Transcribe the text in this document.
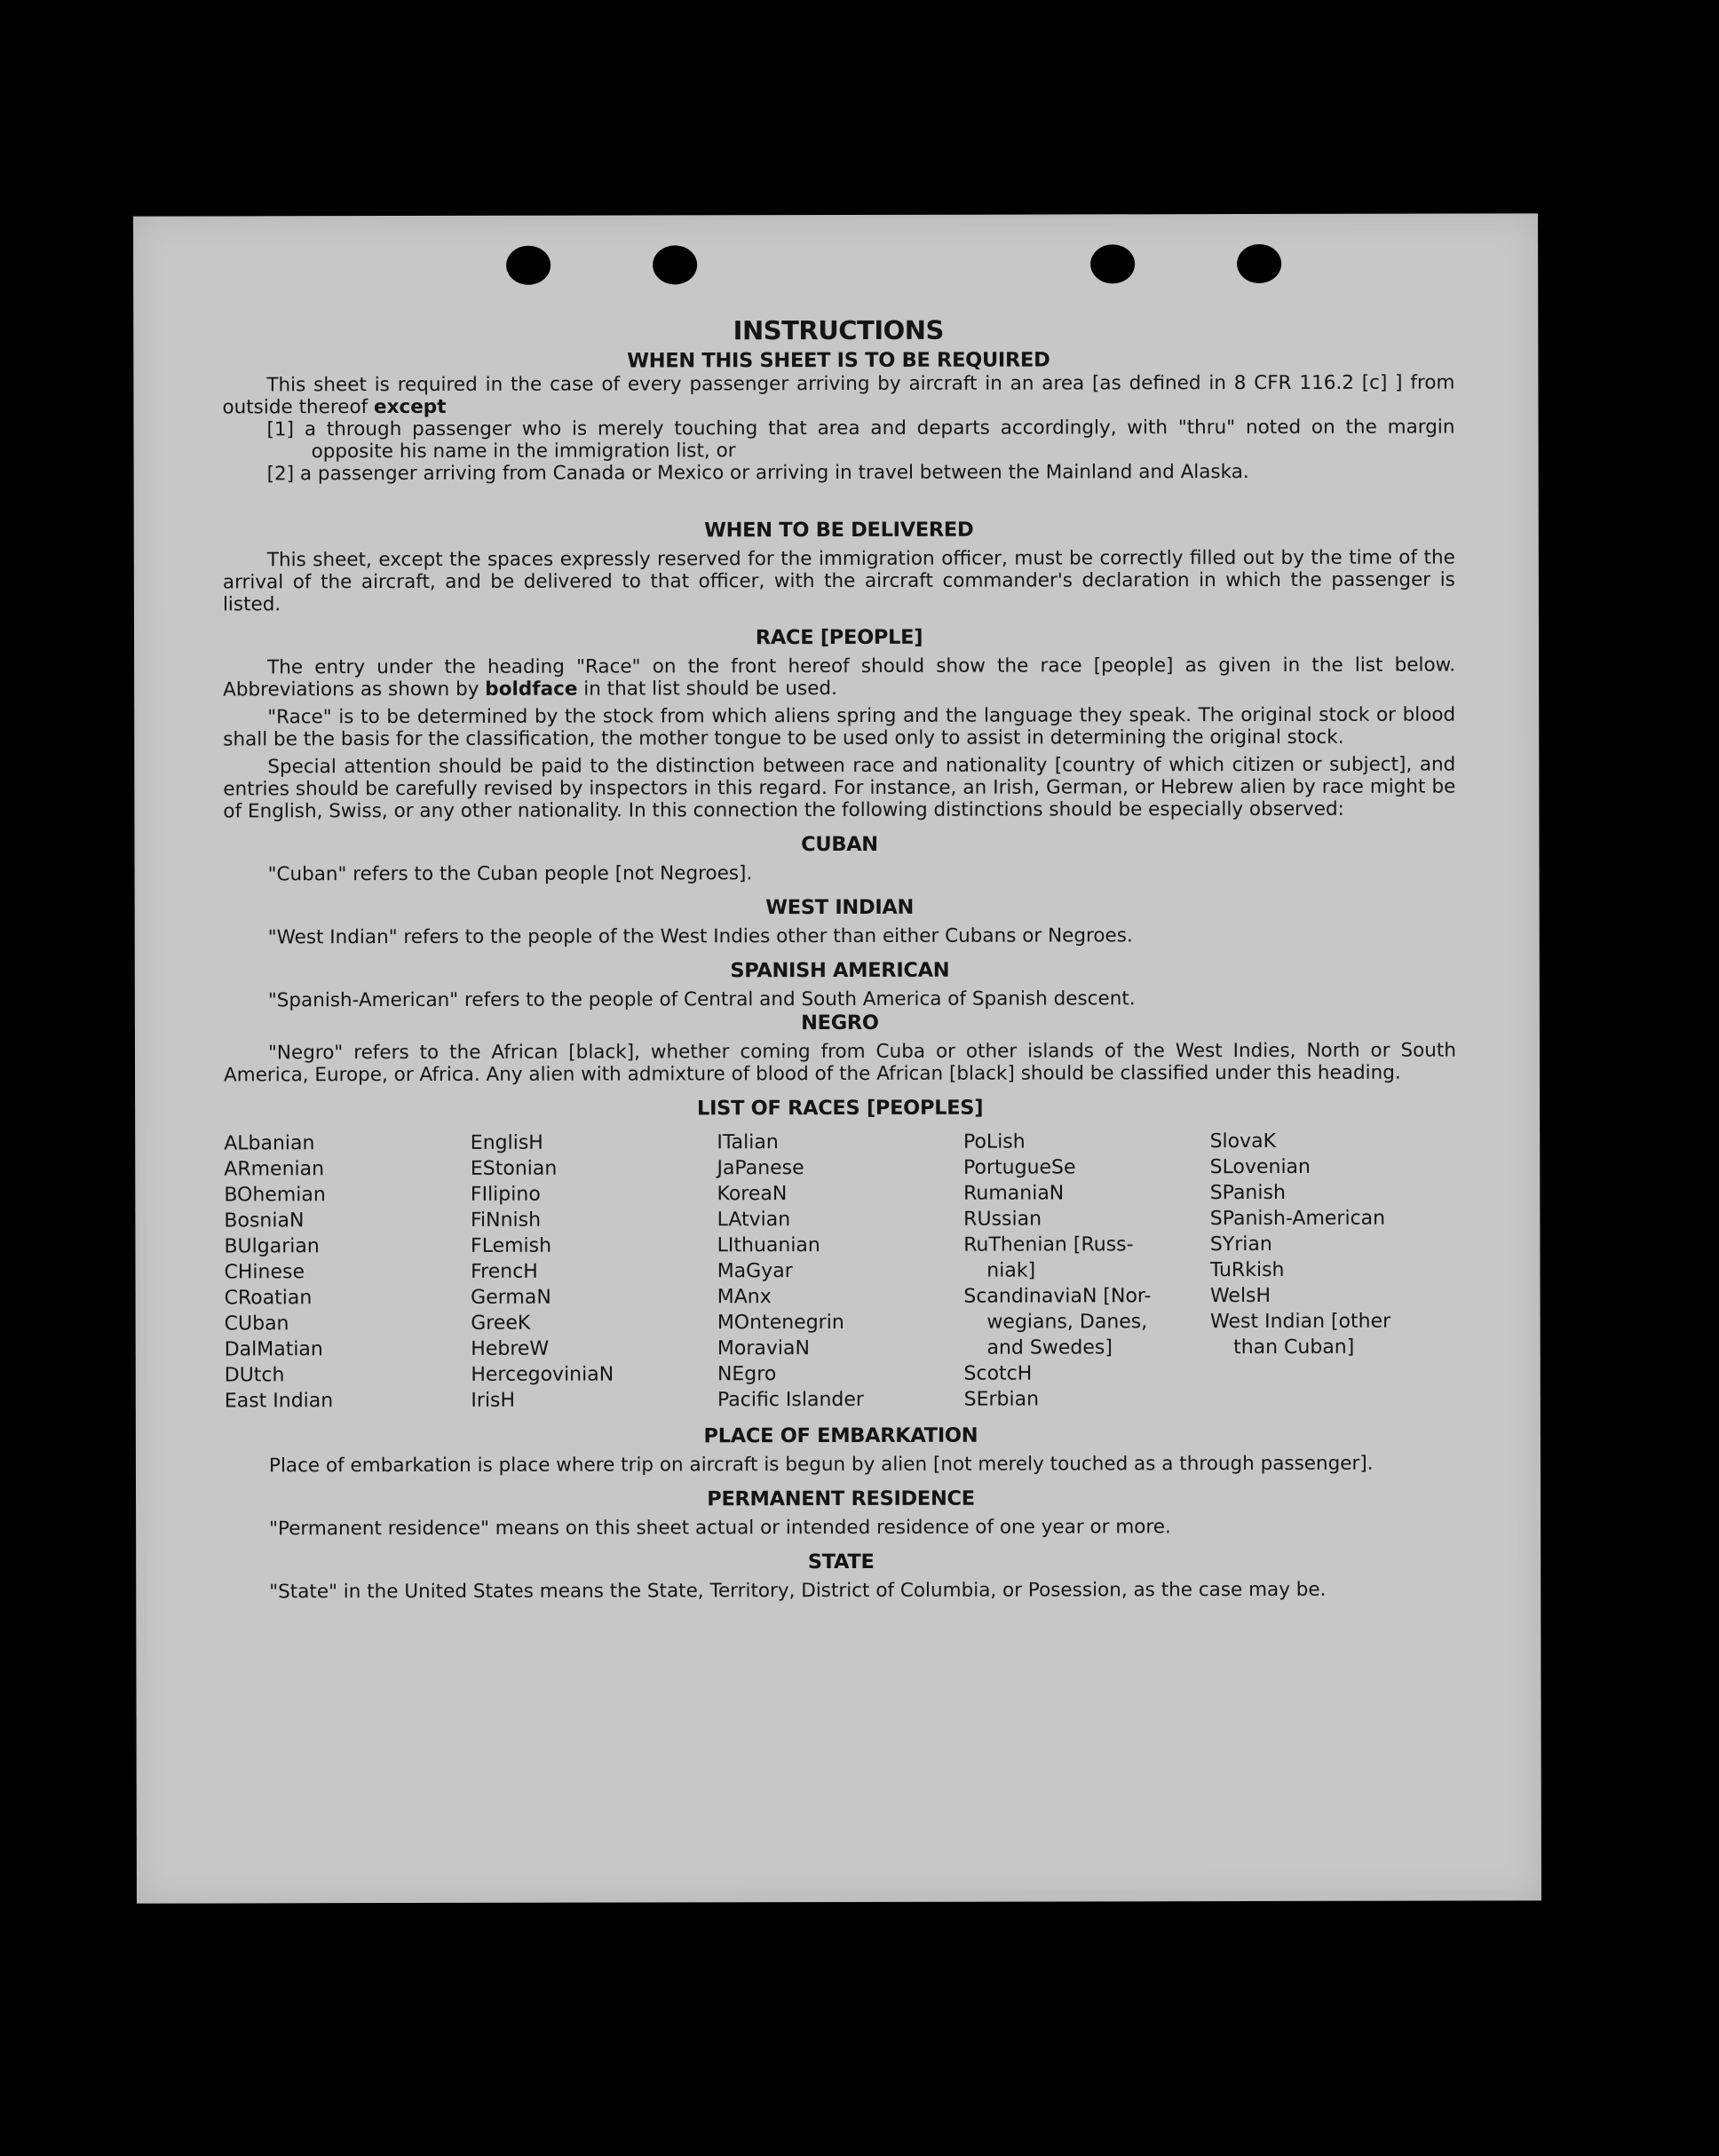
INSTRUCTIONS
WHEN THIS SHEET IS TO BE REQUIRED

This sheet is required in the case of every passenger arriving by aircraft in an area [as defined in 8 CFR 116.2 [c] ] from outside thereof except

[1] a through passenger who is merely touching that area and departs accordingly, with "thru" noted on the margin opposite his name in the immigration list, or

[2] a passenger arriving from Canada or Mexico or arriving in travel between the Mainland and Alaska.

WHEN TO BE DELIVERED

This sheet, except the spaces expressly reserved for the immigration officer, must be correctly filled out by the time of the arrival of the aircraft, and be delivered to that officer, with the aircraft commander's declaration in which the passenger is listed.

RACE [PEOPLE]

The entry under the heading "Race" on the front hereof should show the race [people] as given in the list below. Abbreviations as shown by boldface in that list should be used.

"Race" is to be determined by the stock from which aliens spring and the language they speak. The original stock or blood shall be the basis for the classification, the mother tongue to be used only to assist in determining the original stock.

Special attention should be paid to the distinction between race and nationality [country of which citizen or subject], and entries should be carefully revised by inspectors in this regard. For instance, an Irish, German, or Hebrew alien by race might be of English, Swiss, or any other nationality. In this connection the following distinctions should be especially observed:

CUBAN

"Cuban" refers to the Cuban people [not Negroes].

WEST INDIAN

"West Indian" refers to the people of the West Indies other than either Cubans or Negroes.

SPANISH AMERICAN

"Spanish-American" refers to the people of Central and South America of Spanish descent.

NEGRO

"Negro" refers to the African [black], whether coming from Cuba or other islands of the West Indies, North or South America, Europe, or Africa. Any alien with admixture of blood of the African [black] should be classified under this heading.

LIST OF RACES [PEOPLES]
ALbanian
ARmenian
BOhemian
BosniaN
BUlgarian
CHinese
CRoatian
CUban
DalMatian
DUtch
East Indian
EnglisH
EStonian
FIlipino
FiNnish
FLemish
FrencH
GermaN
GreeK
HebreW
HercegoviniaN
IrisH
ITalian
JaPanese
KoreaN
LAtvian
LIthuanian
MaGyar
MAnx
MOntenegrin
MoraviaN
NEgro
Pacific Islander
PoLish
PortugueSe
RumaniaN
RUssian
RuThenian [Russ-
niak]
ScandinaviaN [Nor-
wegians, Danes,
and Swedes]
ScotcH
SErbian
SlovaK
SLovenian
SPanish
SPanish-American
SYrian
TuRkish
WelsH
West Indian [other
than Cuban]
PLACE OF EMBARKATION

Place of embarkation is place where trip on aircraft is begun by alien [not merely touched as a through passenger].

PERMANENT RESIDENCE

"Permanent residence" means on this sheet actual or intended residence of one year or more.

STATE

"State" in the United States means the State, Territory, District of Columbia, or Posession, as the case may be.
